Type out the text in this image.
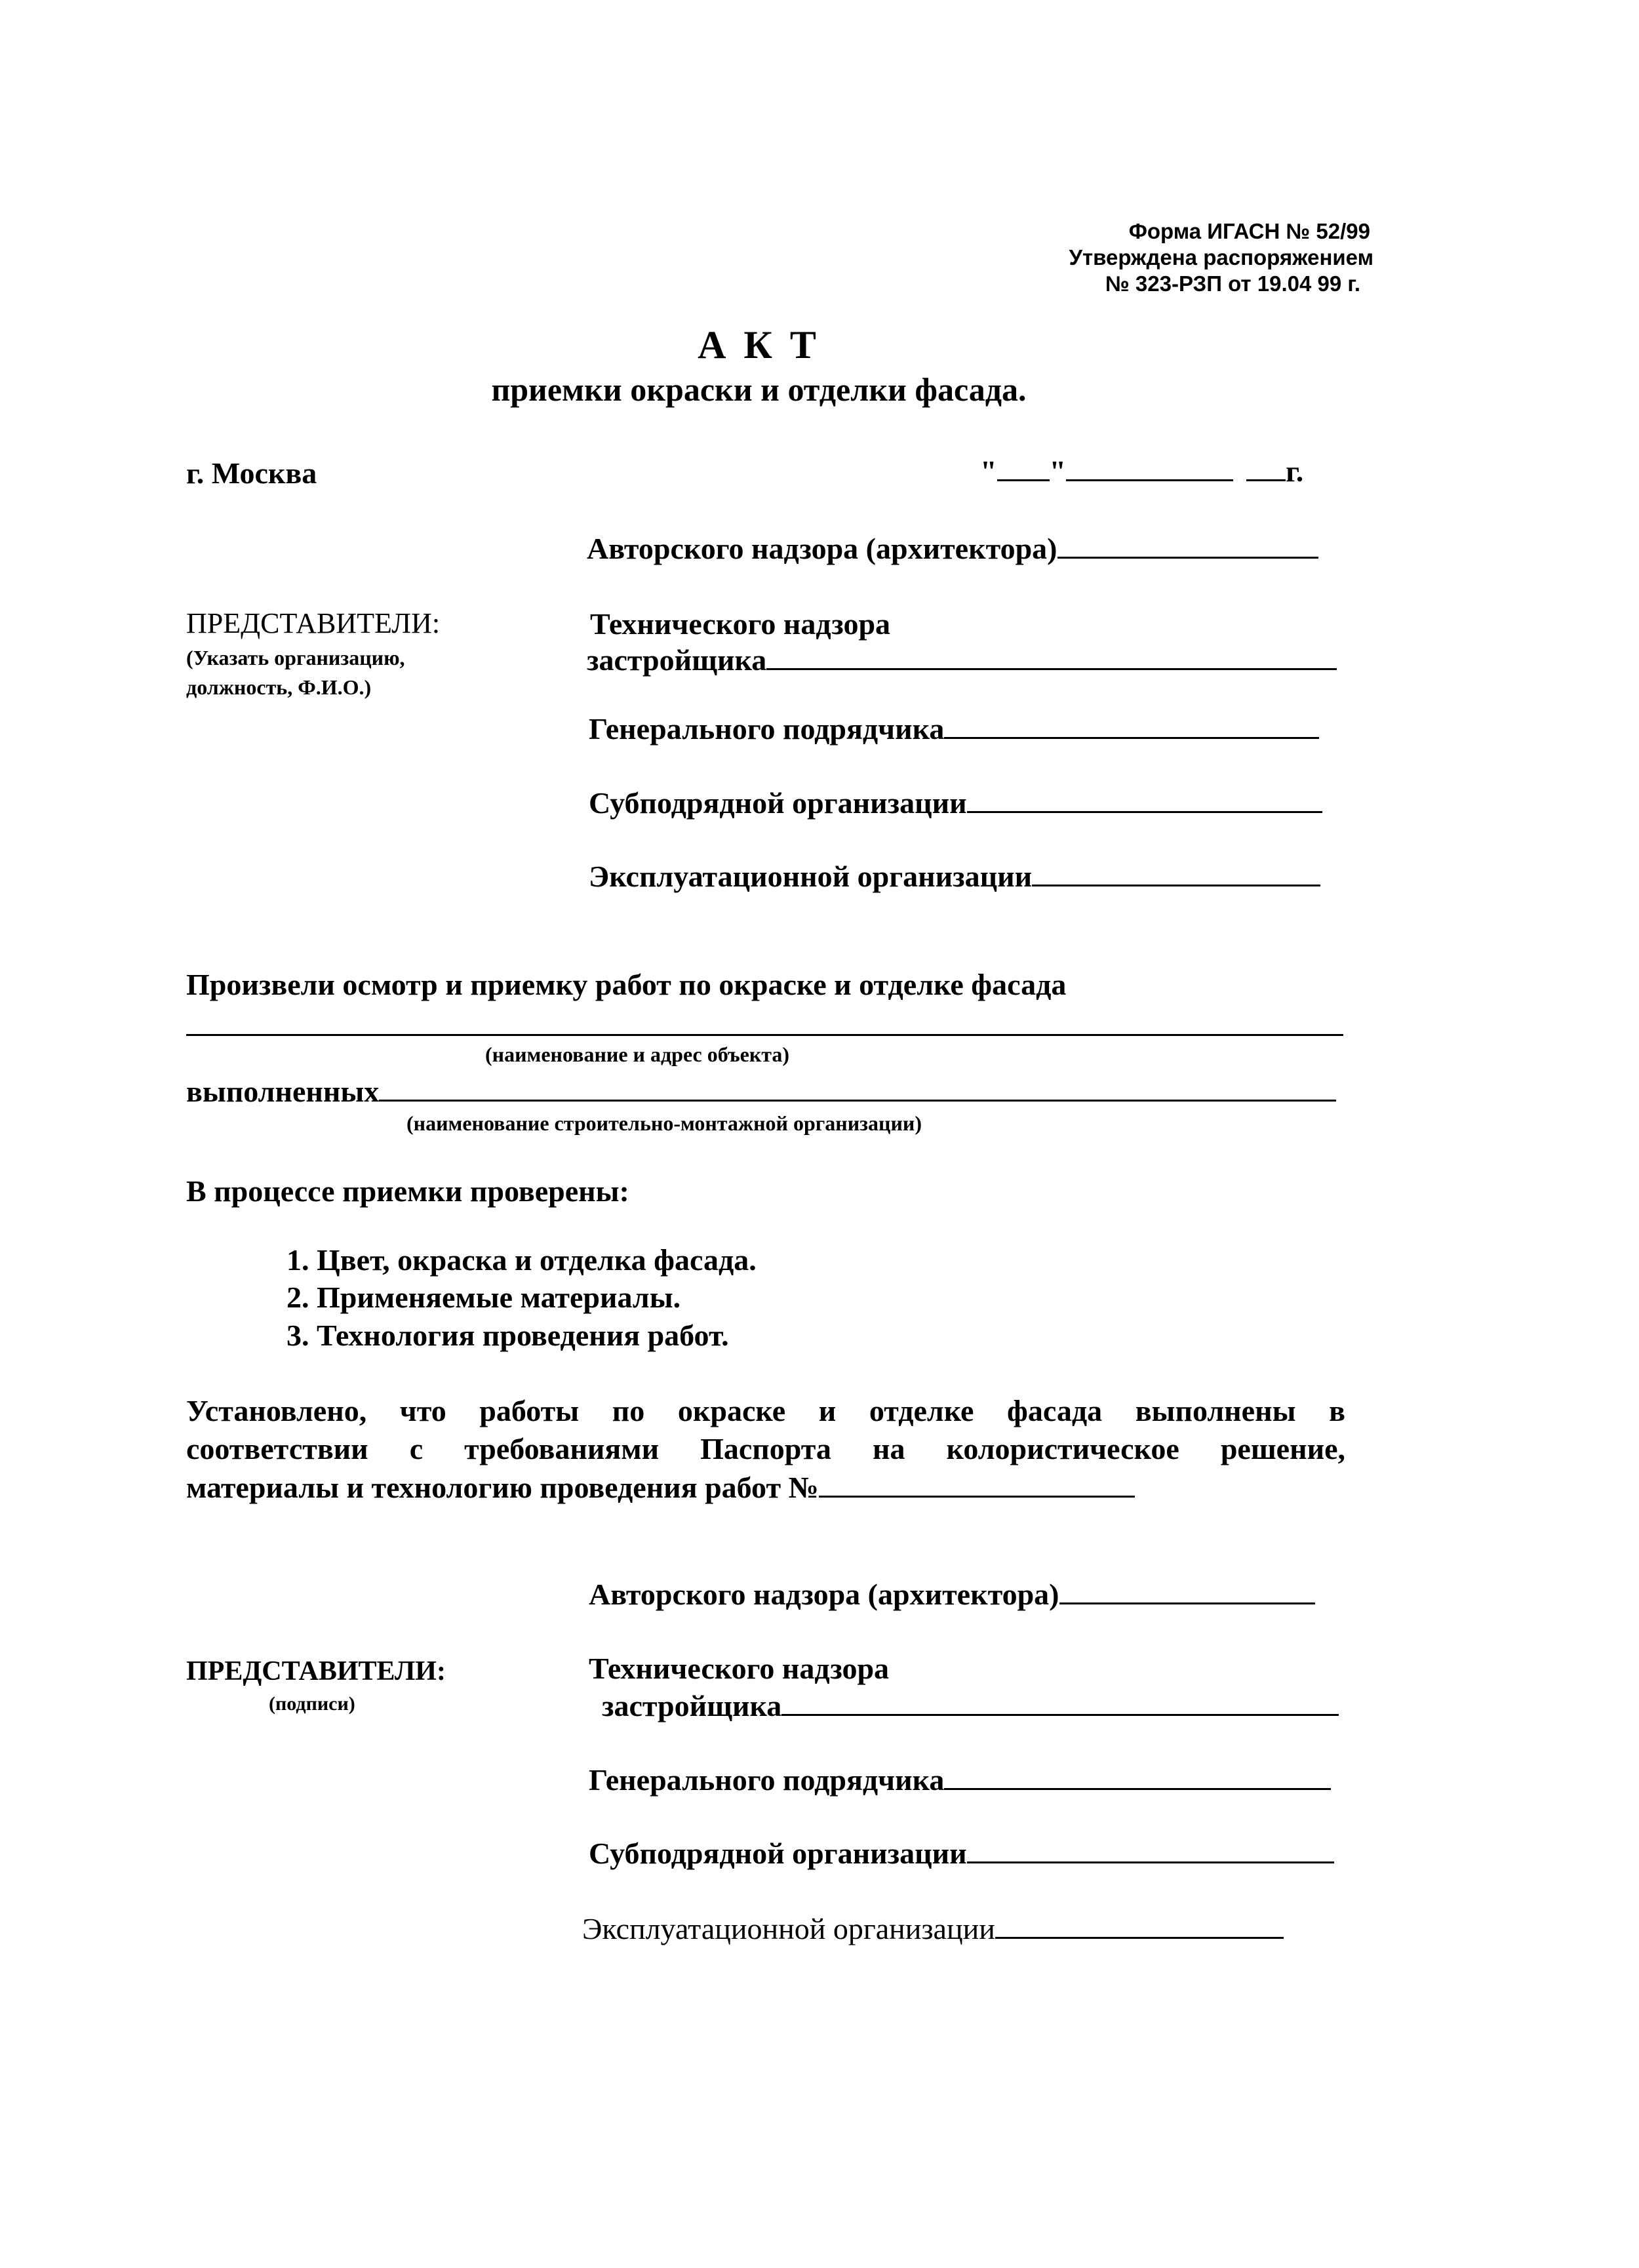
Форма ИГАСН № 52/99
Утверждена распоряжением
№ 323-РЗП от 19.04 99 г.
А К Т
приемки окраски и отделки фасада.
г. Москва	" "	г.
Авторского надзора (архитектора)
ПРЕДСТАВИТЕЛИ:
(Указать организацию,
должность, Ф.И.О.)
Технического надзора
застройщика
Генерального подрядчика
Субподрядной организации
Эксплуатационной организации
Произвели осмотр и приемку работ по окраске и отделке фасада
(наименование и адрес объекта)
выполненных
(наименование строительно-монтажной организации)
В процессе приемки проверены:
1. Цвет, окраска и отделка фасада.
2. Применяемые материалы.
3. Технология проведения работ.
Установлено, что работы по окраске и отделке фасада выполнены в
соответствии с требованиями Паспорта на колористическое решение,
материалы и технологию проведения работ №
Авторского надзора (архитектора)
ПРЕДСТАВИТЕЛИ:
(подписи)
Технического надзора
застройщика
Генерального подрядчика
Субподрядной организации
Эксплуатационной организации
